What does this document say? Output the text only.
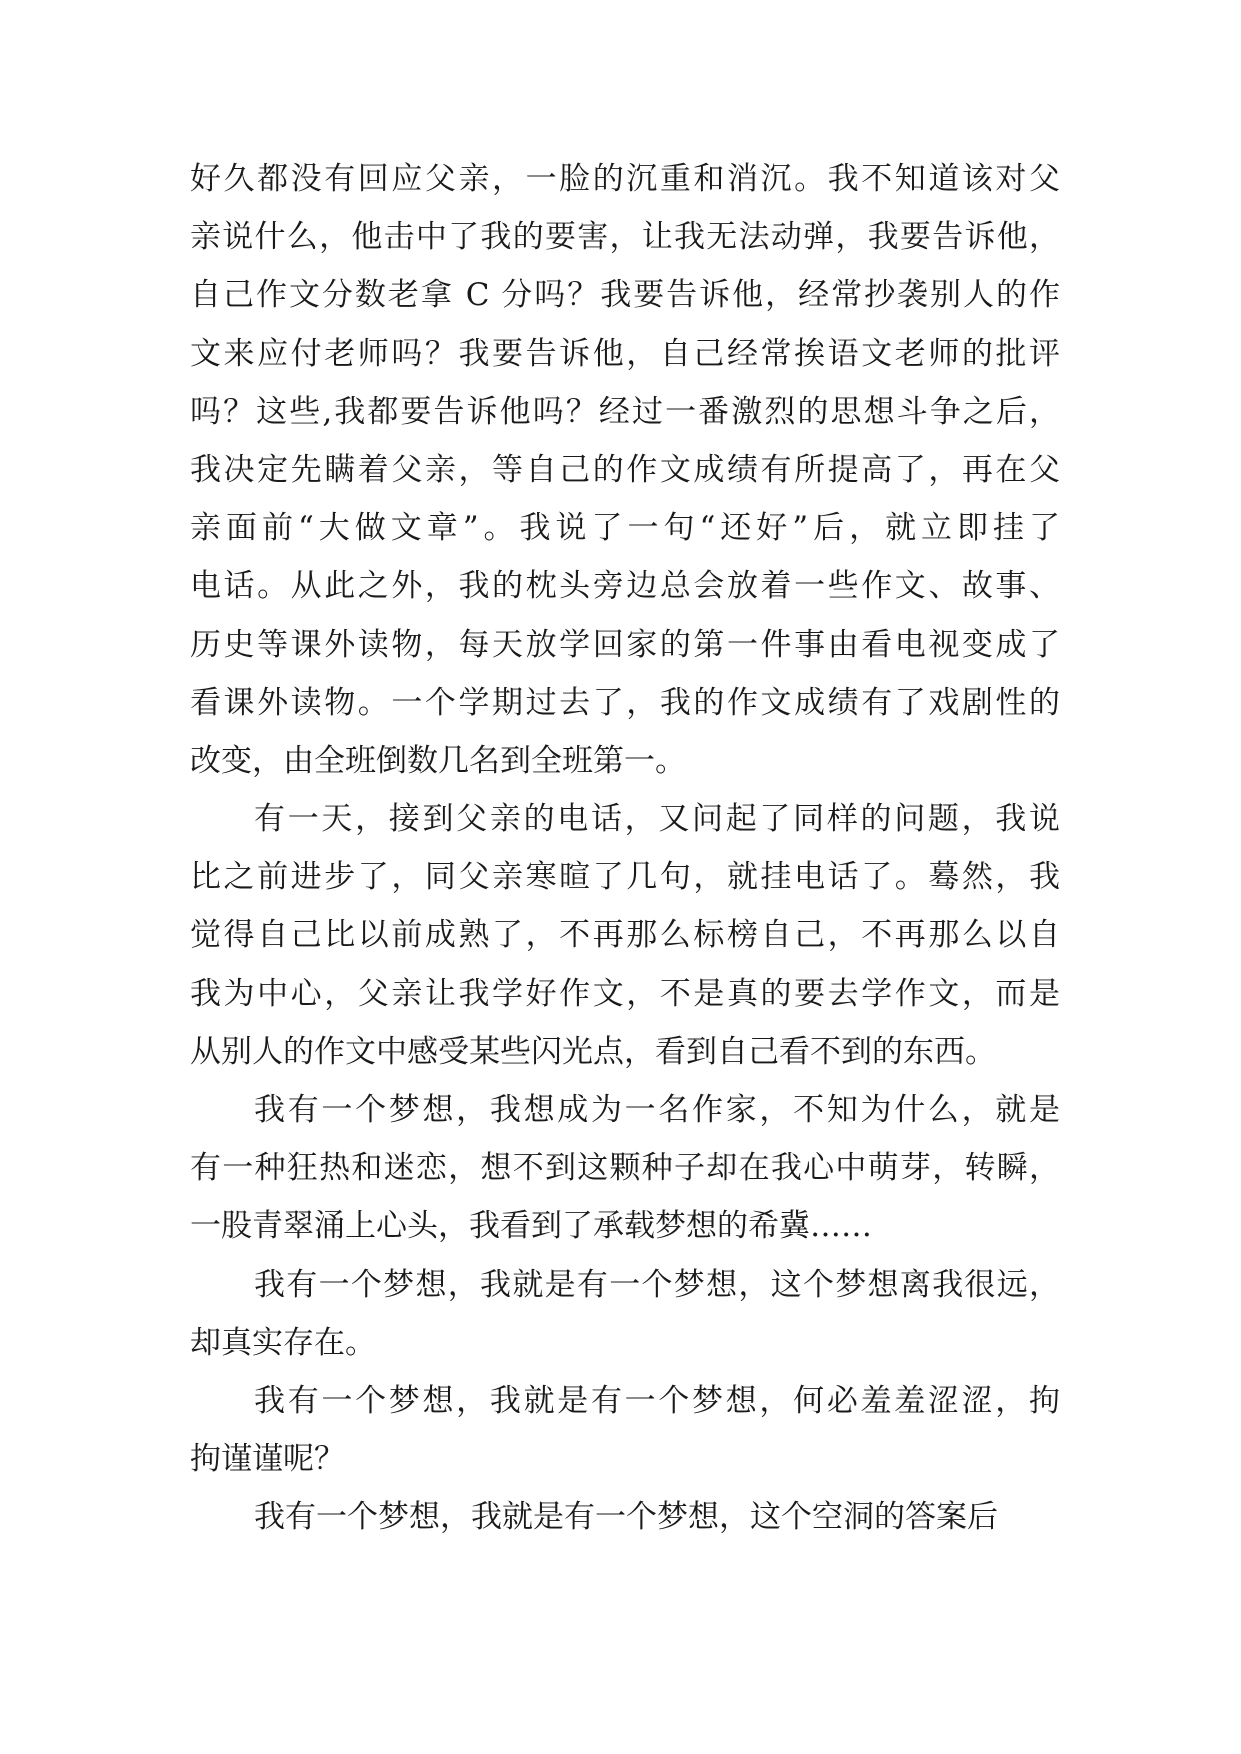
好久都没有回应父亲，一脸的沉重和消沉。我不知道该对父
亲说什么，他击中了我的要害，让我无法动弹，我要告诉他，
自己作文分数老拿 C 分吗？我要告诉他，经常抄袭别人的作
文来应付老师吗？我要告诉他，自己经常挨语文老师的批评
吗？这些,我都要告诉他吗？经过一番激烈的思想斗争之后，
我决定先瞒着父亲，等自己的作文成绩有所提高了，再在父
亲面前“大做文章”。我说了一句“还好”后，就立即挂了
电话。从此之外，我的枕头旁边总会放着一些作文、故事、
历史等课外读物，每天放学回家的第一件事由看电视变成了
看课外读物。一个学期过去了，我的作文成绩有了戏剧性的
改变，由全班倒数几名到全班第一。
有一天，接到父亲的电话，又问起了同样的问题，我说
比之前进步了，同父亲寒暄了几句，就挂电话了。蓦然，我
觉得自己比以前成熟了，不再那么标榜自己，不再那么以自
我为中心，父亲让我学好作文，不是真的要去学作文，而是
从别人的作文中感受某些闪光点，看到自己看不到的东西。
我有一个梦想，我想成为一名作家，不知为什么，就是
有一种狂热和迷恋，想不到这颗种子却在我心中萌芽，转瞬，
一股青翠涌上心头，我看到了承载梦想的希冀……
我有一个梦想，我就是有一个梦想，这个梦想离我很远，
却真实存在。
我有一个梦想，我就是有一个梦想，何必羞羞涩涩，拘
拘谨谨呢？
我有一个梦想，我就是有一个梦想，这个空洞的答案后
